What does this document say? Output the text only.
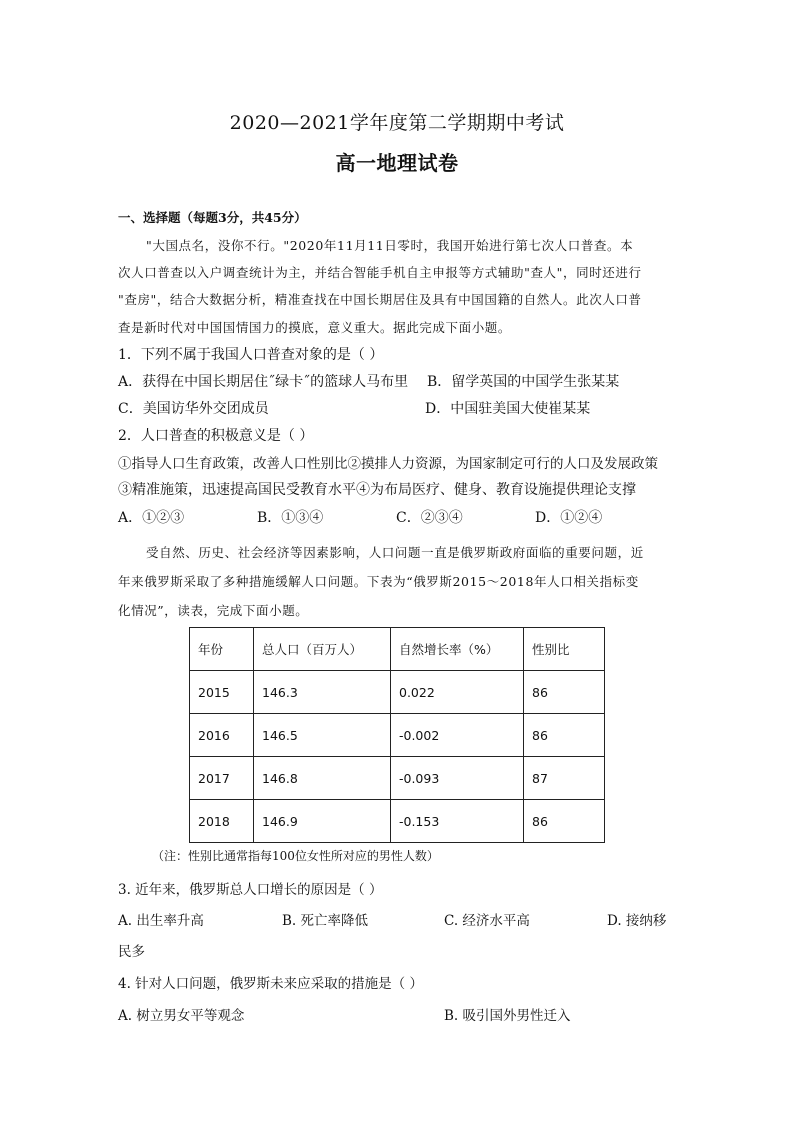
2020—2021学年度第二学期期中考试
高一地理试卷
一、选择题（每题3分，共45分）
"大国点名，没你不行。"2020年11月11日零时，我国开始进行第七次人口普查。本
次人口普查以入户调查统计为主，并结合智能手机自主申报等方式辅助"查人"，同时还进行
"查房"，结合大数据分析，精准查找在中国长期居住及具有中国国籍的自然人。此次人口普
查是新时代对中国国情国力的摸底，意义重大。据此完成下面小题。
1．下列不属于我国人口普查对象的是（ ）
A．获得在中国长期居住˝绿卡˝的篮球人马布里 B．留学英国的中国学生张某某
C．美国访华外交团成员	D．中国驻美国大使崔某某
2．人口普查的积极意义是（ ）
①指导人口生育政策，改善人口性别比②摸排人力资源，为国家制定可行的人口及发展政策
③精准施策，迅速提高国民受教育水平④为布局医疗、健身、教育设施提供理论支撑
A．①②③	B．①③④	C．②③④	D．①②④
受自然、历史、社会经济等因素影响，人口问题一直是俄罗斯政府面临的重要问题，近
年来俄罗斯采取了多种措施缓解人口问题。下表为“俄罗斯2015～2018年人口相关指标变
化情况”，读表，完成下面小题。
年份	总人口（百万人）	自然增长率（%）	性别比
2015	146.3	0.022	86
2016	146.5	-0.002	86
2017	146.8	-0.093	87
2018	146.9	-0.153	86
（注：性别比通常指每100位女性所对应的男性人数）
3. 近年来，俄罗斯总人口增长的原因是（ ）
A. 出生率升高	B. 死亡率降低	C. 经济水平高	D. 接纳移
民多
4. 针对人口问题，俄罗斯未来应采取的措施是（ ）
A. 树立男女平等观念	B. 吸引国外男性迁入
